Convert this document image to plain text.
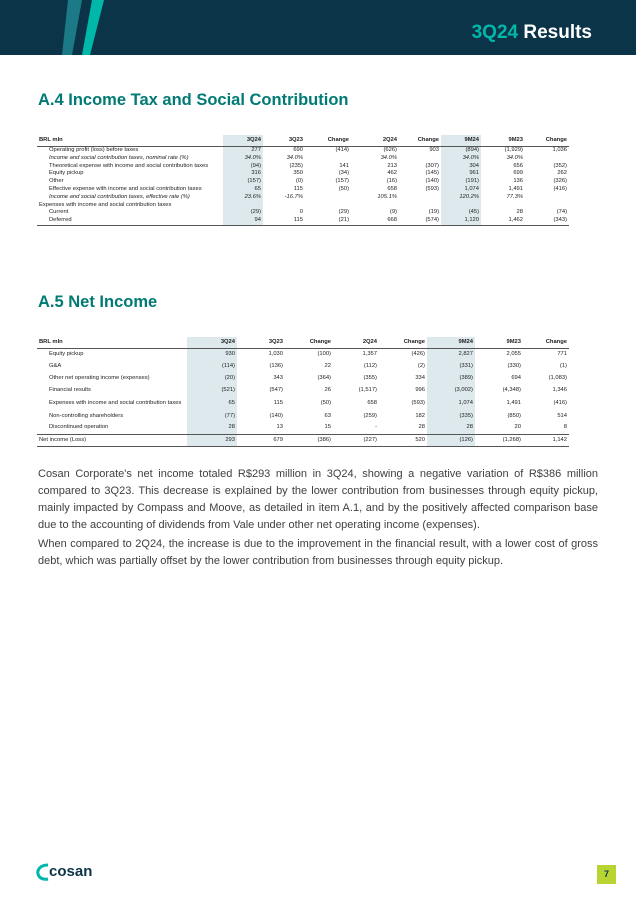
3Q24 Results
A.4 Income Tax and Social Contribution
BRL mln	3Q24	3Q23	Change	2Q24	Change	9M24	9M23	Change
Operating profit (loss) before taxes	277	690	(414)	(626)	903	(894)	(1,929)	1,036
Income and social contribution taxes, nominal rate (%)	34.0%	34.0%		34.0%		34.0%	34.0%	
Theoretical expense with income and social contribution taxes	(94)	(235)	141	213	(307)	304	656	(352)
Equity pickup	316	350	(34)	462	(145)	961	699	262
Other	(157)	(0)	(157)	(16)	(140)	(191)	136	(326)
Effective expense with income and social contribution taxes	65	115	(50)	658	(593)	1,074	1,491	(416)
Income and social contribution taxes, effective rate (%)	23.6%	-16.7%		105.1%		120.2%	77.3%	
Expenses with income and social contribution taxes								
Current	(29)	0	(29)	(9)	(19)	(45)	28	(74)
Deferred	94	115	(21)	668	(574)	1,120	1,462	(343)
A.5 Net Income
BRL mln	3Q24	3Q23	Change	2Q24	Change	9M24	9M23	Change
Equity pickup	930	1,030	(100)	1,357	(426)	2,827	2,055	771
G&A	(114)	(136)	22	(112)	(2)	(331)	(330)	(1)
Other net operating income (expenses)	(20)	343	(364)	(355)	334	(389)	694	(1,083)
Financial results	(521)	(547)	26	(1,517)	996	(3,002)	(4,348)	1,346
Expenses with income and social contribution taxes	65	115	(50)	658	(593)	1,074	1,491	(416)
Non-controlling shareholders	(77)	(140)	63	(259)	182	(335)	(850)	514
Discontinued operation	28	13	15	-	28	28	20	8
Net income (Loss)	293	679	(386)	(227)	520	(126)	(1,268)	1,142

Cosan Corporate's net income totaled R$293 million in 3Q24, showing a negative variation of R$386 million compared to 3Q23. This decrease is explained by the lower contribution from businesses through equity pickup, mainly impacted by Compass and Moove, as detailed in item A.1, and by the positively affected comparison base due to the accounting of dividends from Vale under other net operating income (expenses).

When compared to 2Q24, the increase is due to the improvement in the financial result, with a lower cost of gross debt, which was partially offset by the lower contribution from businesses through equity pickup.

cosan	7
